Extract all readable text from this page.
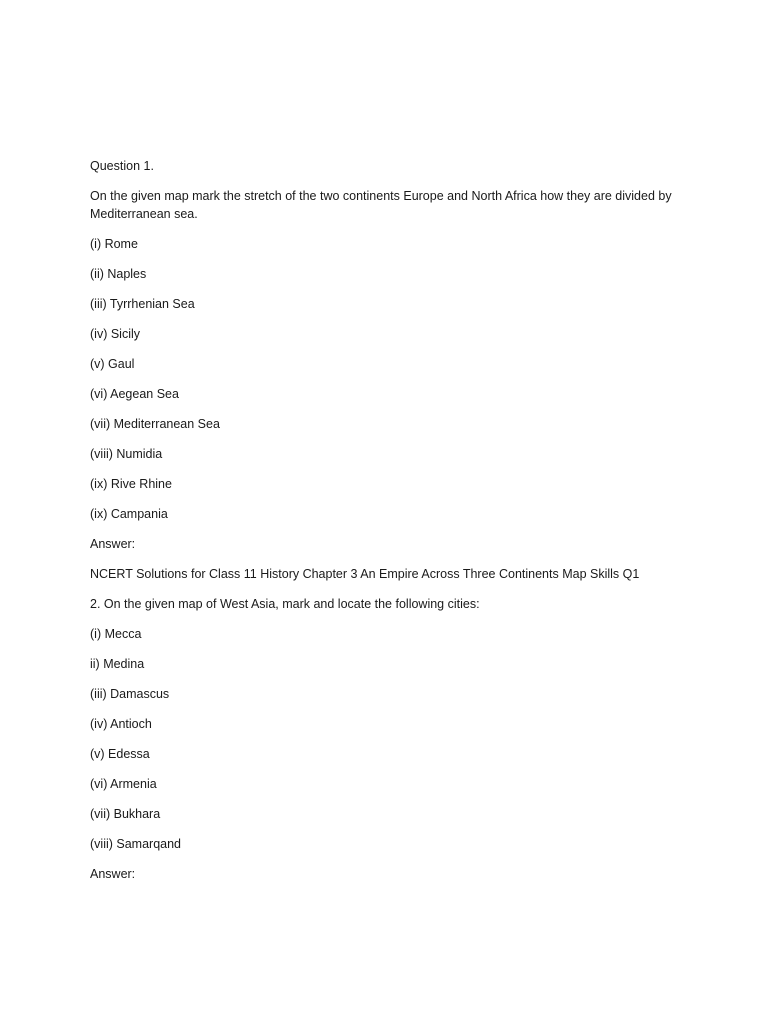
Question 1.

On the given map mark the stretch of the two continents Europe and North Africa how they are divided by Mediterranean sea.

(i) Rome

(ii) Naples

(iii) Tyrrhenian Sea

(iv) Sicily

(v) Gaul

(vi) Aegean Sea

(vii) Mediterranean Sea

(viii) Numidia

(ix) Rive Rhine

(ix) Campania

Answer:

NCERT Solutions for Class 11 History Chapter 3 An Empire Across Three Continents Map Skills Q1

2. On the given map of West Asia, mark and locate the following cities:

(i) Mecca

ii) Medina

(iii) Damascus

(iv) Antioch

(v) Edessa

(vi) Armenia

(vii) Bukhara

(viii) Samarqand

Answer:
